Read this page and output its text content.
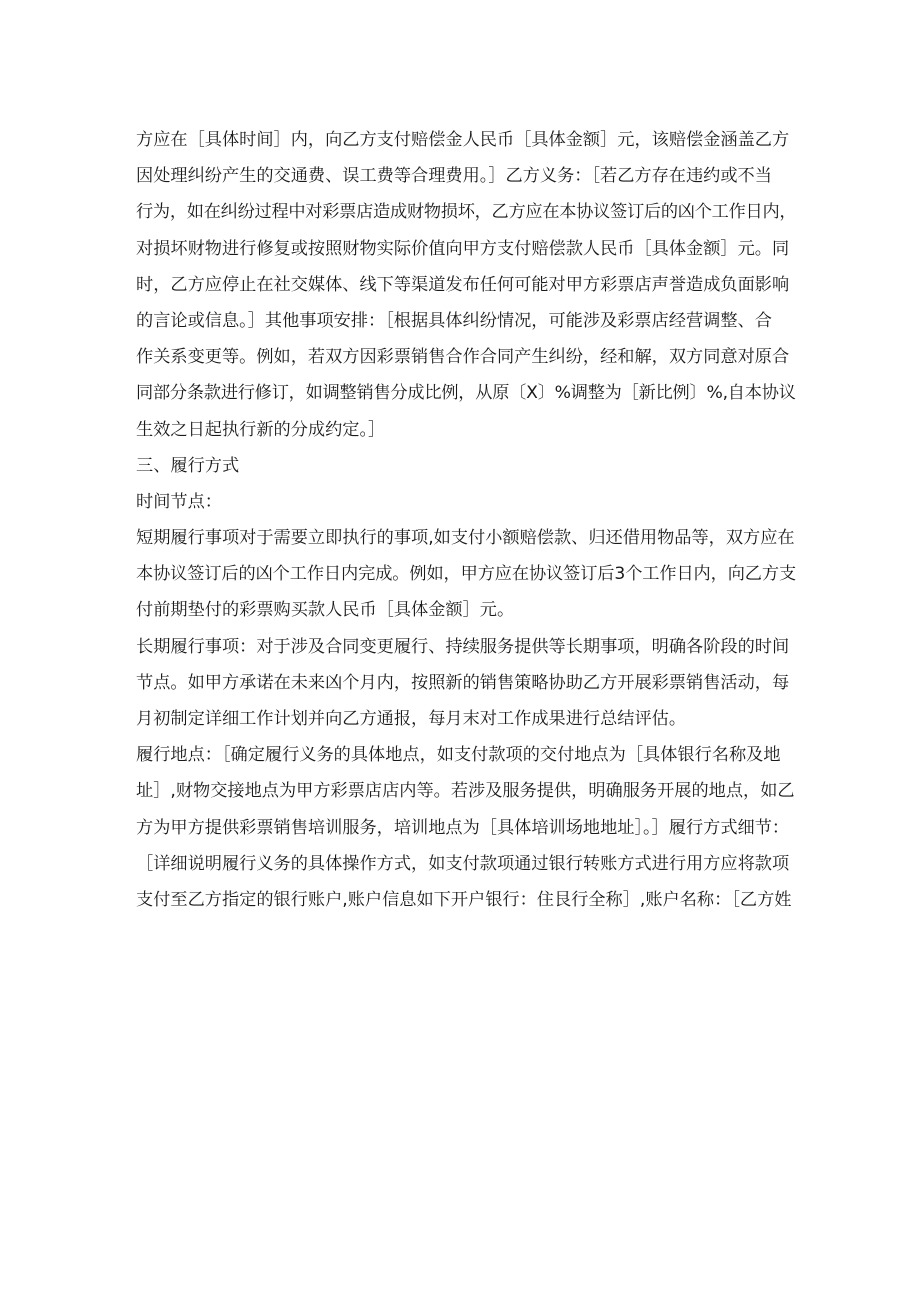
方应在［具体时间］内，向乙方支付赔偿金人民币［具体金额］元，该赔偿金涵盖乙方
因处理纠纷产生的交通费、误工费等合理费用。］乙方义务：［若乙方存在违约或不当
行为，如在纠纷过程中对彩票店造成财物损坏，乙方应在本协议签订后的凶个工作日内，
对损坏财物进行修复或按照财物实际价值向甲方支付赔偿款人民币［具体金额］元。同
时，乙方应停止在社交媒体、线下等渠道发布任何可能对甲方彩票店声誉造成负面影响
的言论或信息。］其他事项安排：［根据具体纠纷情况，可能涉及彩票店经营调整、合
作关系变更等。例如，若双方因彩票销售合作合同产生纠纷，经和解，双方同意对原合
同部分条款进行修订，如调整销售分成比例，从原〔X〕%调整为［新比例〕%,自本协议
生效之日起执行新的分成约定。］
三、履行方式
时间节点：
短期履行事项对于需要立即执行的事项,如支付小额赔偿款、归还借用物品等，双方应在
本协议签订后的凶个工作日内完成。例如，甲方应在协议签订后3个工作日内，向乙方支
付前期垫付的彩票购买款人民币［具体金额］元。
长期履行事项：对于涉及合同变更履行、持续服务提供等长期事项，明确各阶段的时间
节点。如甲方承诺在未来凶个月内，按照新的销售策略协助乙方开展彩票销售活动，每
月初制定详细工作计划并向乙方通报，每月末对工作成果进行总结评估。
履行地点：［确定履行义务的具体地点，如支付款项的交付地点为［具体银行名称及地
址］,财物交接地点为甲方彩票店店内等。若涉及服务提供，明确服务开展的地点，如乙
方为甲方提供彩票销售培训服务，培训地点为［具体培训场地地址］。］履行方式细节：
［详细说明履行义务的具体操作方式，如支付款项通过银行转账方式进行用方应将款项
支付至乙方指定的银行账户,账户信息如下开户银行：住艮行全称］,账户名称：［乙方姓
